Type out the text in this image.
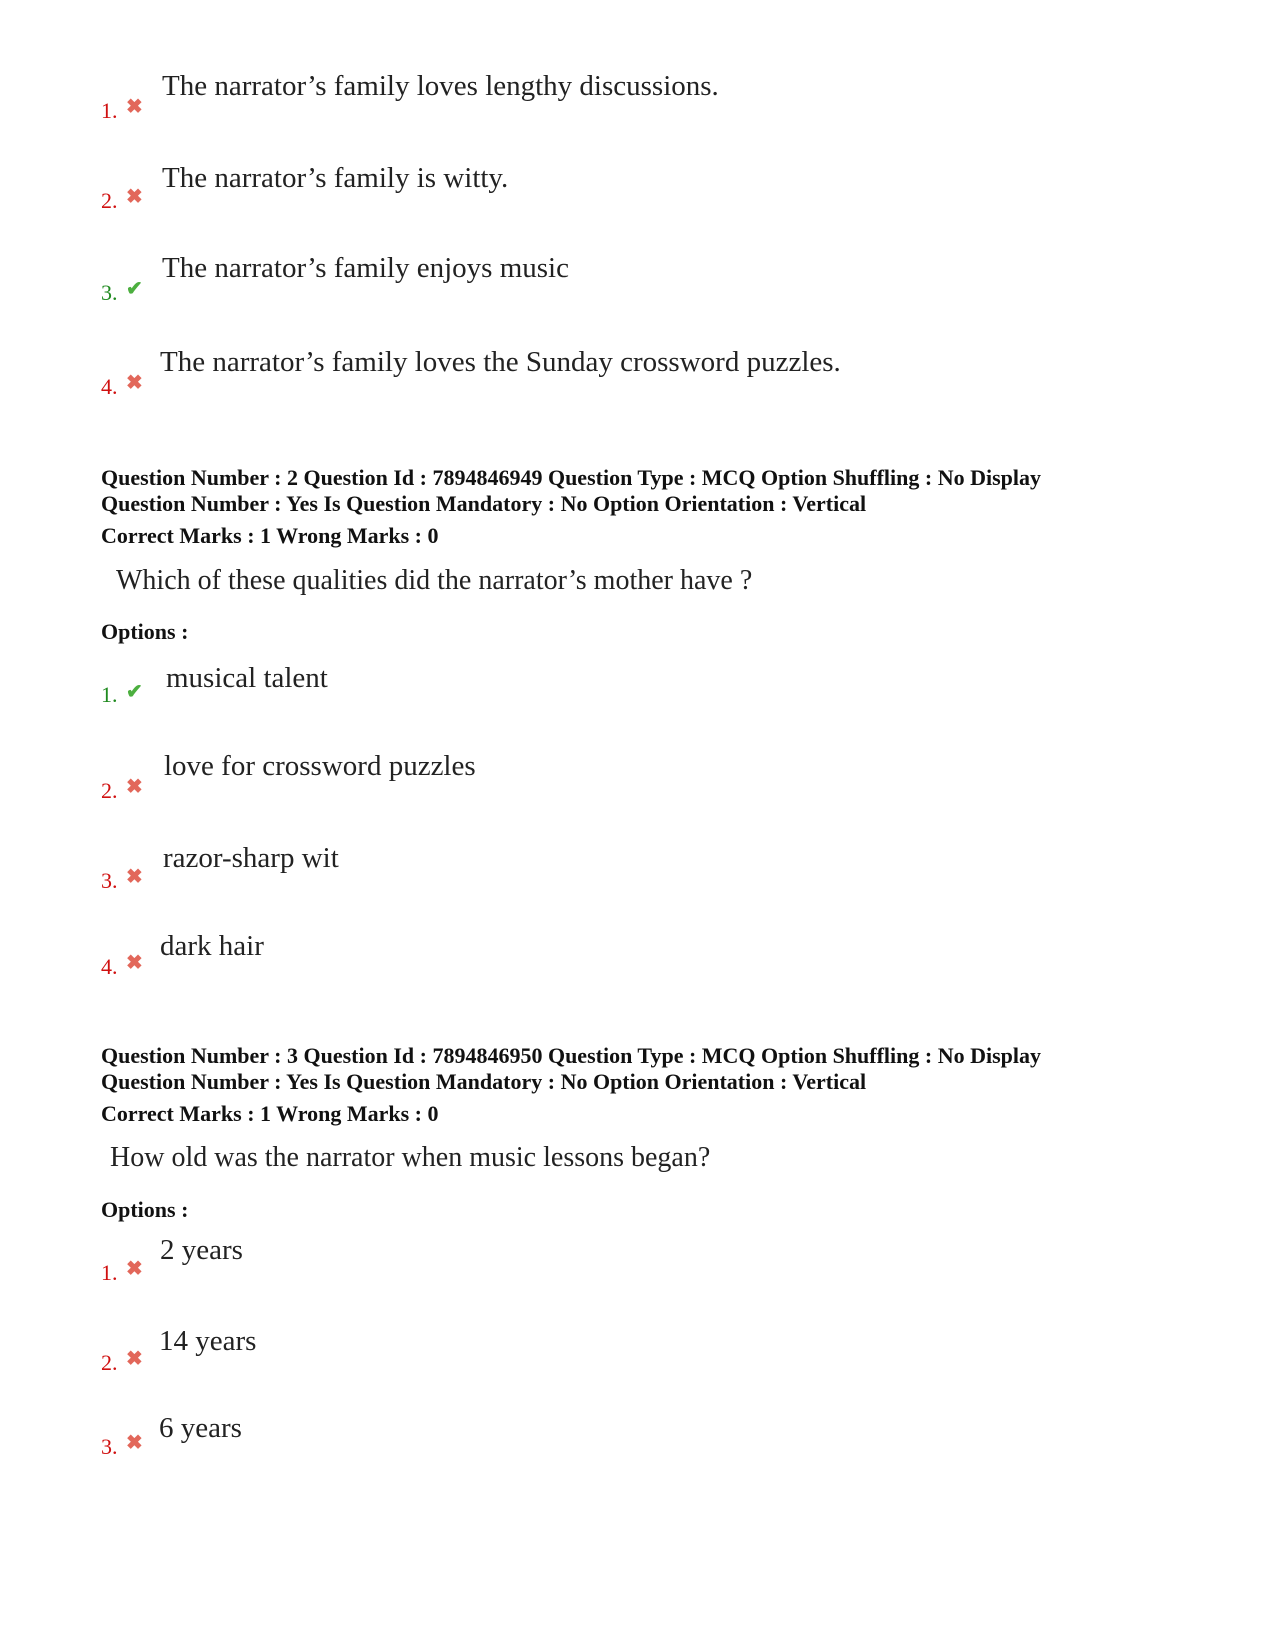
1. ✖
The narrator’s family loves lengthy discussions.
2. ✖
The narrator’s family is witty.
3. ✔
The narrator’s family enjoys music
4. ✖
The narrator’s family loves the Sunday crossword puzzles.
Question Number : 2 Question Id : 7894846949 Question Type : MCQ Option Shuffling : No Display
Question Number : Yes Is Question Mandatory : No Option Orientation : Vertical
Correct Marks : 1 Wrong Marks : 0
Which of these qualities did the narrator’s mother have ?
Options :
1. ✔ musical talent
2. ✖
love for crossword puzzles
3. ✖
razor-sharp wit
4. ✖
dark hair
Question Number : 3 Question Id : 7894846950 Question Type : MCQ Option Shuffling : No Display
Question Number : Yes Is Question Mandatory : No Option Orientation : Vertical
Correct Marks : 1 Wrong Marks : 0
How old was the narrator when music lessons began?
Options :
1. ✖
2 years
2. ✖
14 years
3. ✖ 6 years
